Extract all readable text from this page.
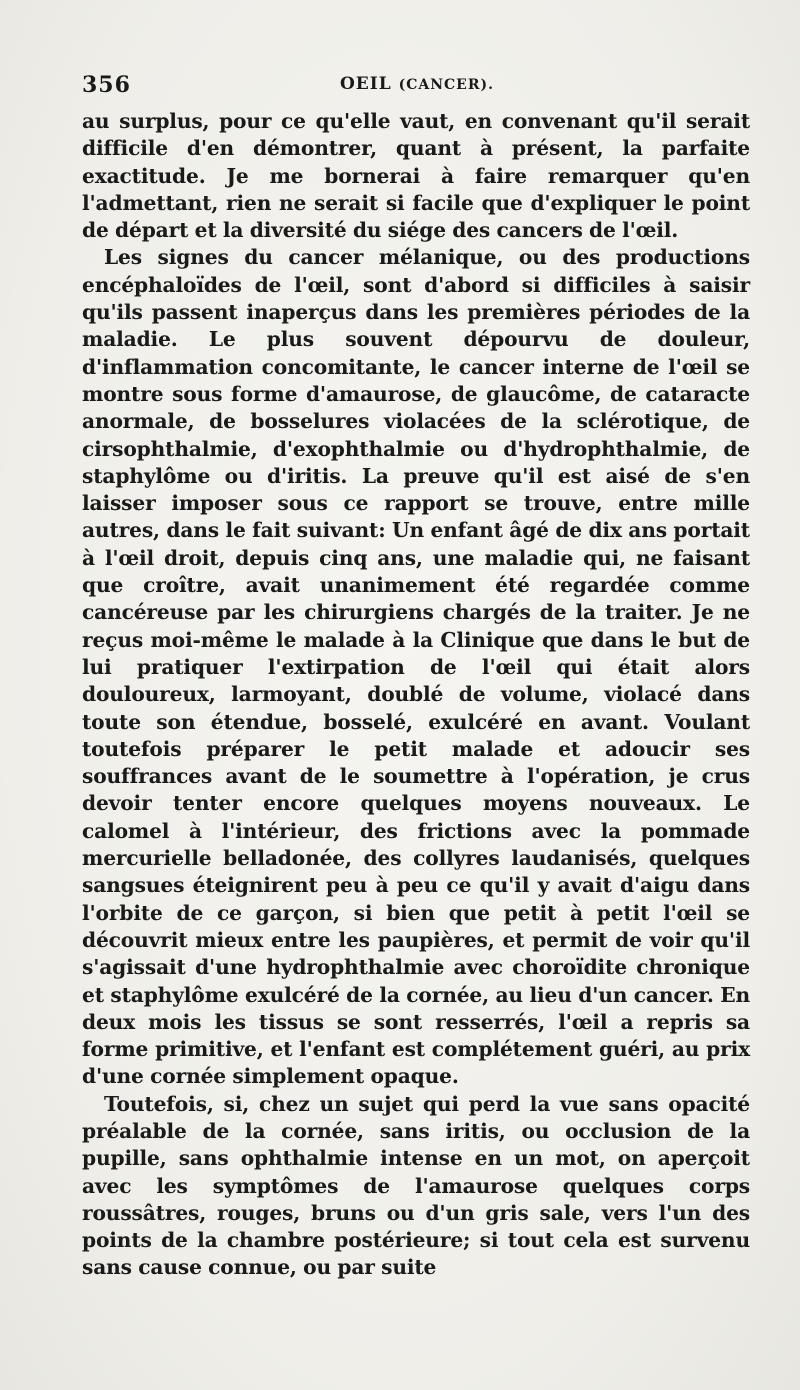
356	OEIL (CANCER).

au surplus, pour ce qu'elle vaut, en convenant qu'il serait difficile d'en démontrer, quant à présent, la parfaite exactitude. Je me bornerai à faire remarquer qu'en l'admettant, rien ne serait si facile que d'expliquer le point de départ et la diversité du siége des cancers de l'œil.

Les signes du cancer mélanique, ou des productions encéphaloïdes de l'œil, sont d'abord si difficiles à saisir qu'ils passent inaperçus dans les premières périodes de la maladie. Le plus souvent dépourvu de douleur, d'inflammation concomitante, le cancer interne de l'œil se montre sous forme d'amaurose, de glaucôme, de cataracte anormale, de bosselures violacées de la sclérotique, de cirsophthalmie, d'exophthalmie ou d'hydrophthalmie, de staphylôme ou d'iritis. La preuve qu'il est aisé de s'en laisser imposer sous ce rapport se trouve, entre mille autres, dans le fait suivant: Un enfant âgé de dix ans portait à l'œil droit, depuis cinq ans, une maladie qui, ne faisant que croître, avait unanimement été regardée comme cancéreuse par les chirurgiens chargés de la traiter. Je ne reçus moi-même le malade à la Clinique que dans le but de lui pratiquer l'extirpation de l'œil qui était alors douloureux, larmoyant, doublé de volume, violacé dans toute son étendue, bosselé, exulcéré en avant. Voulant toutefois préparer le petit malade et adoucir ses souffrances avant de le soumettre à l'opération, je crus devoir tenter encore quelques moyens nouveaux. Le calomel à l'intérieur, des frictions avec la pommade mercurielle belladonée, des collyres laudanisés, quelques sangsues éteignirent peu à peu ce qu'il y avait d'aigu dans l'orbite de ce garçon, si bien que petit à petit l'œil se découvrit mieux entre les paupières, et permit de voir qu'il s'agissait d'une hydrophthalmie avec choroïdite chronique et staphylôme exulcéré de la cornée, au lieu d'un cancer. En deux mois les tissus se sont resserrés, l'œil a repris sa forme primitive, et l'enfant est complétement guéri, au prix d'une cornée simplement opaque.

Toutefois, si, chez un sujet qui perd la vue sans opacité préalable de la cornée, sans iritis, ou occlusion de la pupille, sans ophthalmie intense en un mot, on aperçoit avec les symptômes de l'amaurose quelques corps roussâtres, rouges, bruns ou d'un gris sale, vers l'un des points de la chambre postérieure; si tout cela est survenu sans cause connue, ou par suite
